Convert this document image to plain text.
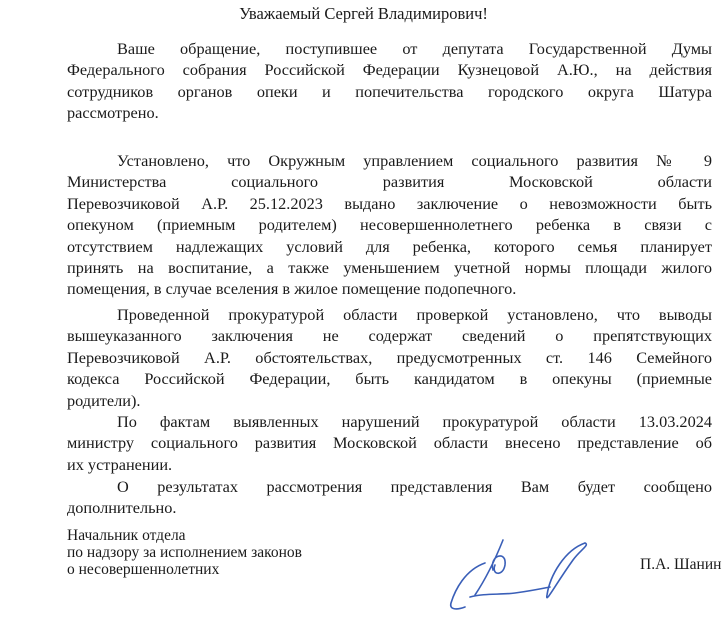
Уважаемый Сергей Владимирович!
Ваше обращение, поступившее от депутата Государственной Думы
Федерального собрания Российской Федерации Кузнецовой А.Ю., на действия
сотрудников органов опеки и попечительства городского округа Шатура
рассмотрено.
Установлено, что Окружным управлением социального развития № 9
Министерства социального развития Московской области
Перевозчиковой А.Р. 25.12.2023 выдано заключение о невозможности быть
опекуном (приемным родителем) несовершеннолетнего ребенка в связи с
отсутствием надлежащих условий для ребенка, которого семья планирует
принять на воспитание, а также уменьшением учетной нормы площади жилого
помещения, в случае вселения в жилое помещение подопечного.
Проведенной прокуратурой области проверкой установлено, что выводы
вышеуказанного заключения не содержат сведений о препятствующих
Перевозчиковой А.Р. обстоятельствах, предусмотренных ст. 146 Семейного
кодекса Российской Федерации, быть кандидатом в опекуны (приемные
родители).
По фактам выявленных нарушений прокуратурой области 13.03.2024
министру социального развития Московской области внесено представление об
их устранении.
О результатах рассмотрения представления Вам будет сообщено
дополнительно.
Начальник отдела
по надзору за исполнением законов
о несовершеннолетних	П.А. Шанин
